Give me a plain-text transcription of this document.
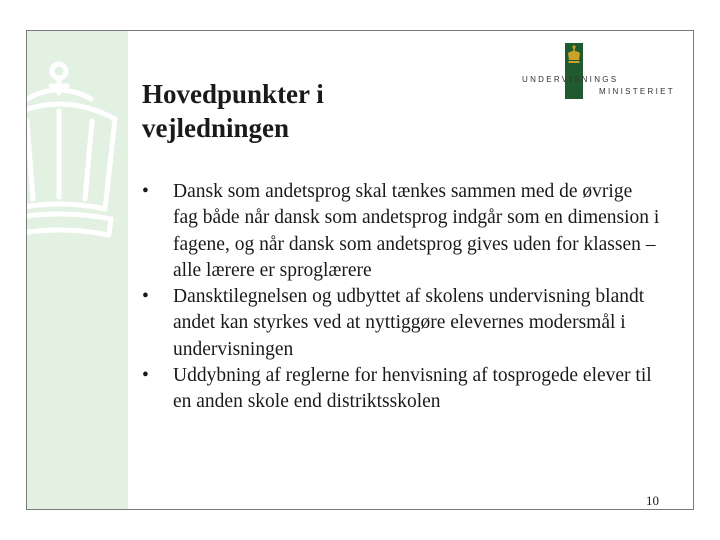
Hovedpunkter i vejledningen
UNDERVISNINGS
MINISTERIET
• Dansk som andetsprog skal tænkes sammen med de øvrige fag både når dansk som andetsprog indgår som en dimension i fagene, og når dansk som andetsprog gives uden for klassen – alle lærere er sproglærere
• Dansktilegnelsen og udbyttet af skolens undervisning blandt andet kan styrkes ved at nyttiggøre elevernes modersmål i undervisningen
• Uddybning af reglerne for henvisning af tosprogede elever til en anden skole end distriktsskolen
10
